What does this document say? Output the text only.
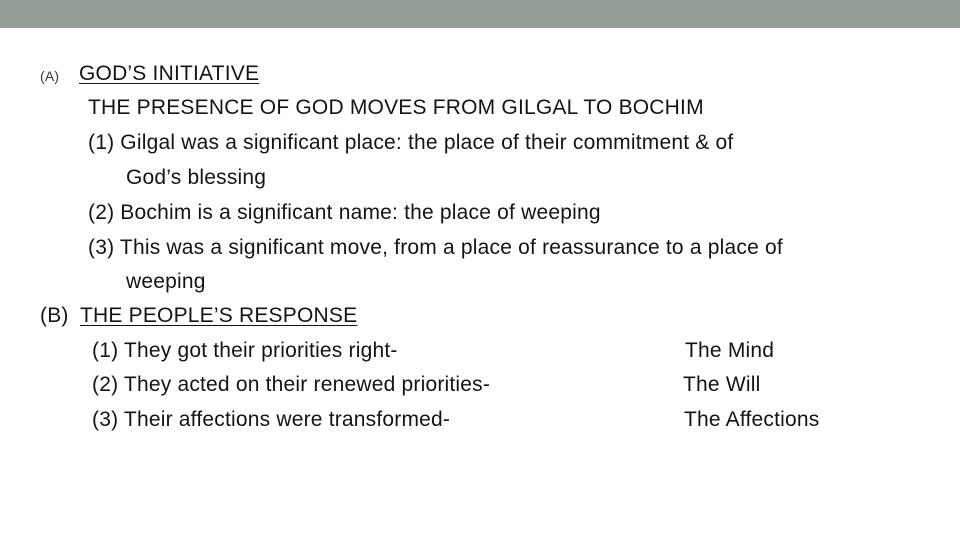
(A) GOD’S INITIATIVE
THE PRESENCE OF GOD MOVES FROM GILGAL TO BOCHIM
(1) Gilgal was a significant place: the place of their commitment & of
God’s blessing
(2) Bochim is a significant name: the place of weeping
(3) This was a significant move, from a place of reassurance to a place of
weeping
(B) THE PEOPLE’S RESPONSE
(1) They got their priorities right-	The Mind
(2) They acted on their renewed priorities-	The Will
(3) Their affections were transformed-	The Affections
